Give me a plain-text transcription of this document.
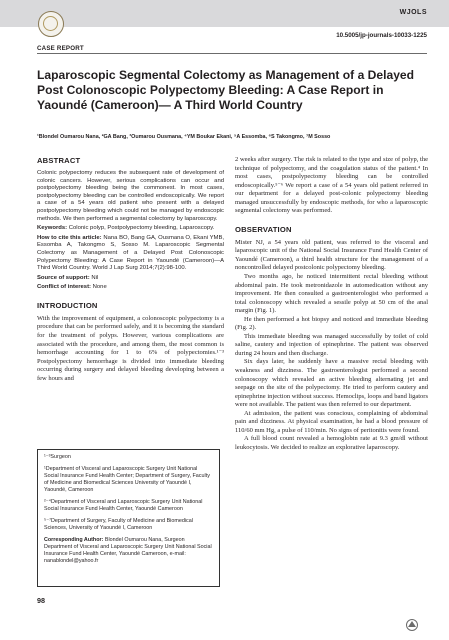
WJOLS
10.5005/jp-journals-10033-1225
CASE REPORT
Laparoscopic Segmental Colectomy as Management of a Delayed Post Colonoscopic Polypectomy Bleeding: A Case Report in Yaoundé (Cameroon)— A Third World Country
¹Blondel Oumarou Nana, ²GA Bang, ³Oumarou Ousmana, ⁴YM Boukar Ekani, ⁵A Essomba, ⁶S Takongmo, ⁷M Sosso
ABSTRACT

Colonic polypectomy reduces the subsequent rate of development of colonic cancers. However, serious complications can occur and postpolypectomy bleeding being the commonest. In most cases, postpolypectomy bleeding can be controlled endoscopically. We report a case of a 54 years old patient who present with a delayed postpolypectomy bleeding which could not be managed by endoscopic methods. We then performed a segmental colectomy by laparoscopy.

Keywords: Colonic polyp, Postpolypectomy bleeding, Laparoscopy.

How to cite this article: Nana BO, Bang GA, Ousmana O, Ekani YMB, Essomba A, Takongmo S, Sosso M. Laparoscopic Segmental Colectomy as Management of a Delayed Post Colonoscopic Polypectomy Bleeding: A Case Report in Yaoundé (Cameroon)—A Third World Country. World J Lap Surg 2014;7(2):98-100.

Source of support: Nil

Conflict of interest: None

INTRODUCTION

With the improvement of equipment, a colonoscopic polypectomy is a procedure that can be performed safely, and it is becoming the standard for the treatment of polyps. However, various complications are associated with the procedure, and among them, the most common is hemorrhage accounting for 1 to 6% of polypectomies.¹⁻³ Postpolypectomy hemorrhage is divided into immediate bleeding occurring during surgery and delayed bleeding developing between a few hours and

¹⁻³Surgeon

¹Department of Visceral and Laparoscopic Surgery Unit National Social Insurance Fund Health Center; Department of Surgery, Faculty of Medicine and Biomedical Sciences University of Yaoundé I, Yaoundé, Cameroon

²⁻⁴Department of Visceral and Laparoscopic Surgery Unit National Social Insurance Fund Health Center, Yaoundé Cameroon

⁵⁻⁷Department of Surgery, Faculty of Medicine and Biomedical Sciences, University of Yaoundé I, Cameroon

Corresponding Author: Blondel Oumarou Nana, Surgeon Department of Visceral and Laparoscopic Surgery Unit National Social Insurance Fund Health Center, Yaoundé Cameroon, e-mail: nanablondel@yahoo.fr

2 weeks after surgery. The risk is related to the type and size of polyp, the technique of polypectomy, and the coagulation status of the patient.⁴ In most cases, postpolypectomy bleeding can be controlled endoscopically.⁵⁻⁶ We report a case of a 54 years old patient referred in our department for a delayed post-colonic polypectomy bleeding managed unsuccessfully by endoscopic methods, for who a laparoscopic segmental colectomy was performed.

OBSERVATION

Mister NJ, a 54 years old patient, was referred to the visceral and laparoscopic unit of the National Social Insurance Fund Health Center of Yaoundé (Cameroon), a third health structure for the management of a noncontrolled delayed postcolonic polypectomy bleeding.

Two months ago, he noticed intermittent rectal bleeding without abdominal pain. He took metronidazole in automedication without any improvement. He then consulted a gastroenterologist who performed a total colonoscopy which revealed a sessile polyp at 50 cm of the anal margin (Fig. 1).

He then performed a hot biopsy and noticed and immediate bleeding (Fig. 2).

This immediate bleeding was managed successfully by toilet of cold saline, cautery and injection of epinephrine. The patient was observed during 24 hours and then discharge.

Six days later, he suddenly have a massive rectal bleeding with weakness and dizziness. The gastroenterologist performed a second colonoscopy which revealed an active bleeding alternating jet and seepage on the site of the polypectomy. He tried to perform cautery and epinephrine injection without success. Hemoclips, loops and band ligators were not available. The patient was then referred to our department.

At admission, the patient was conscious, complaining of abdominal pain and dizziness. At physical examination, he had a blood pressure of 110/60 mm Hg, a pulse of 110/min. No signs of peritonitis were found.

A full blood count revealed a hemoglobin rate at 9.3 gm/dl without leukocytosis. We decided to realize an explorative laparoscopy.

98
